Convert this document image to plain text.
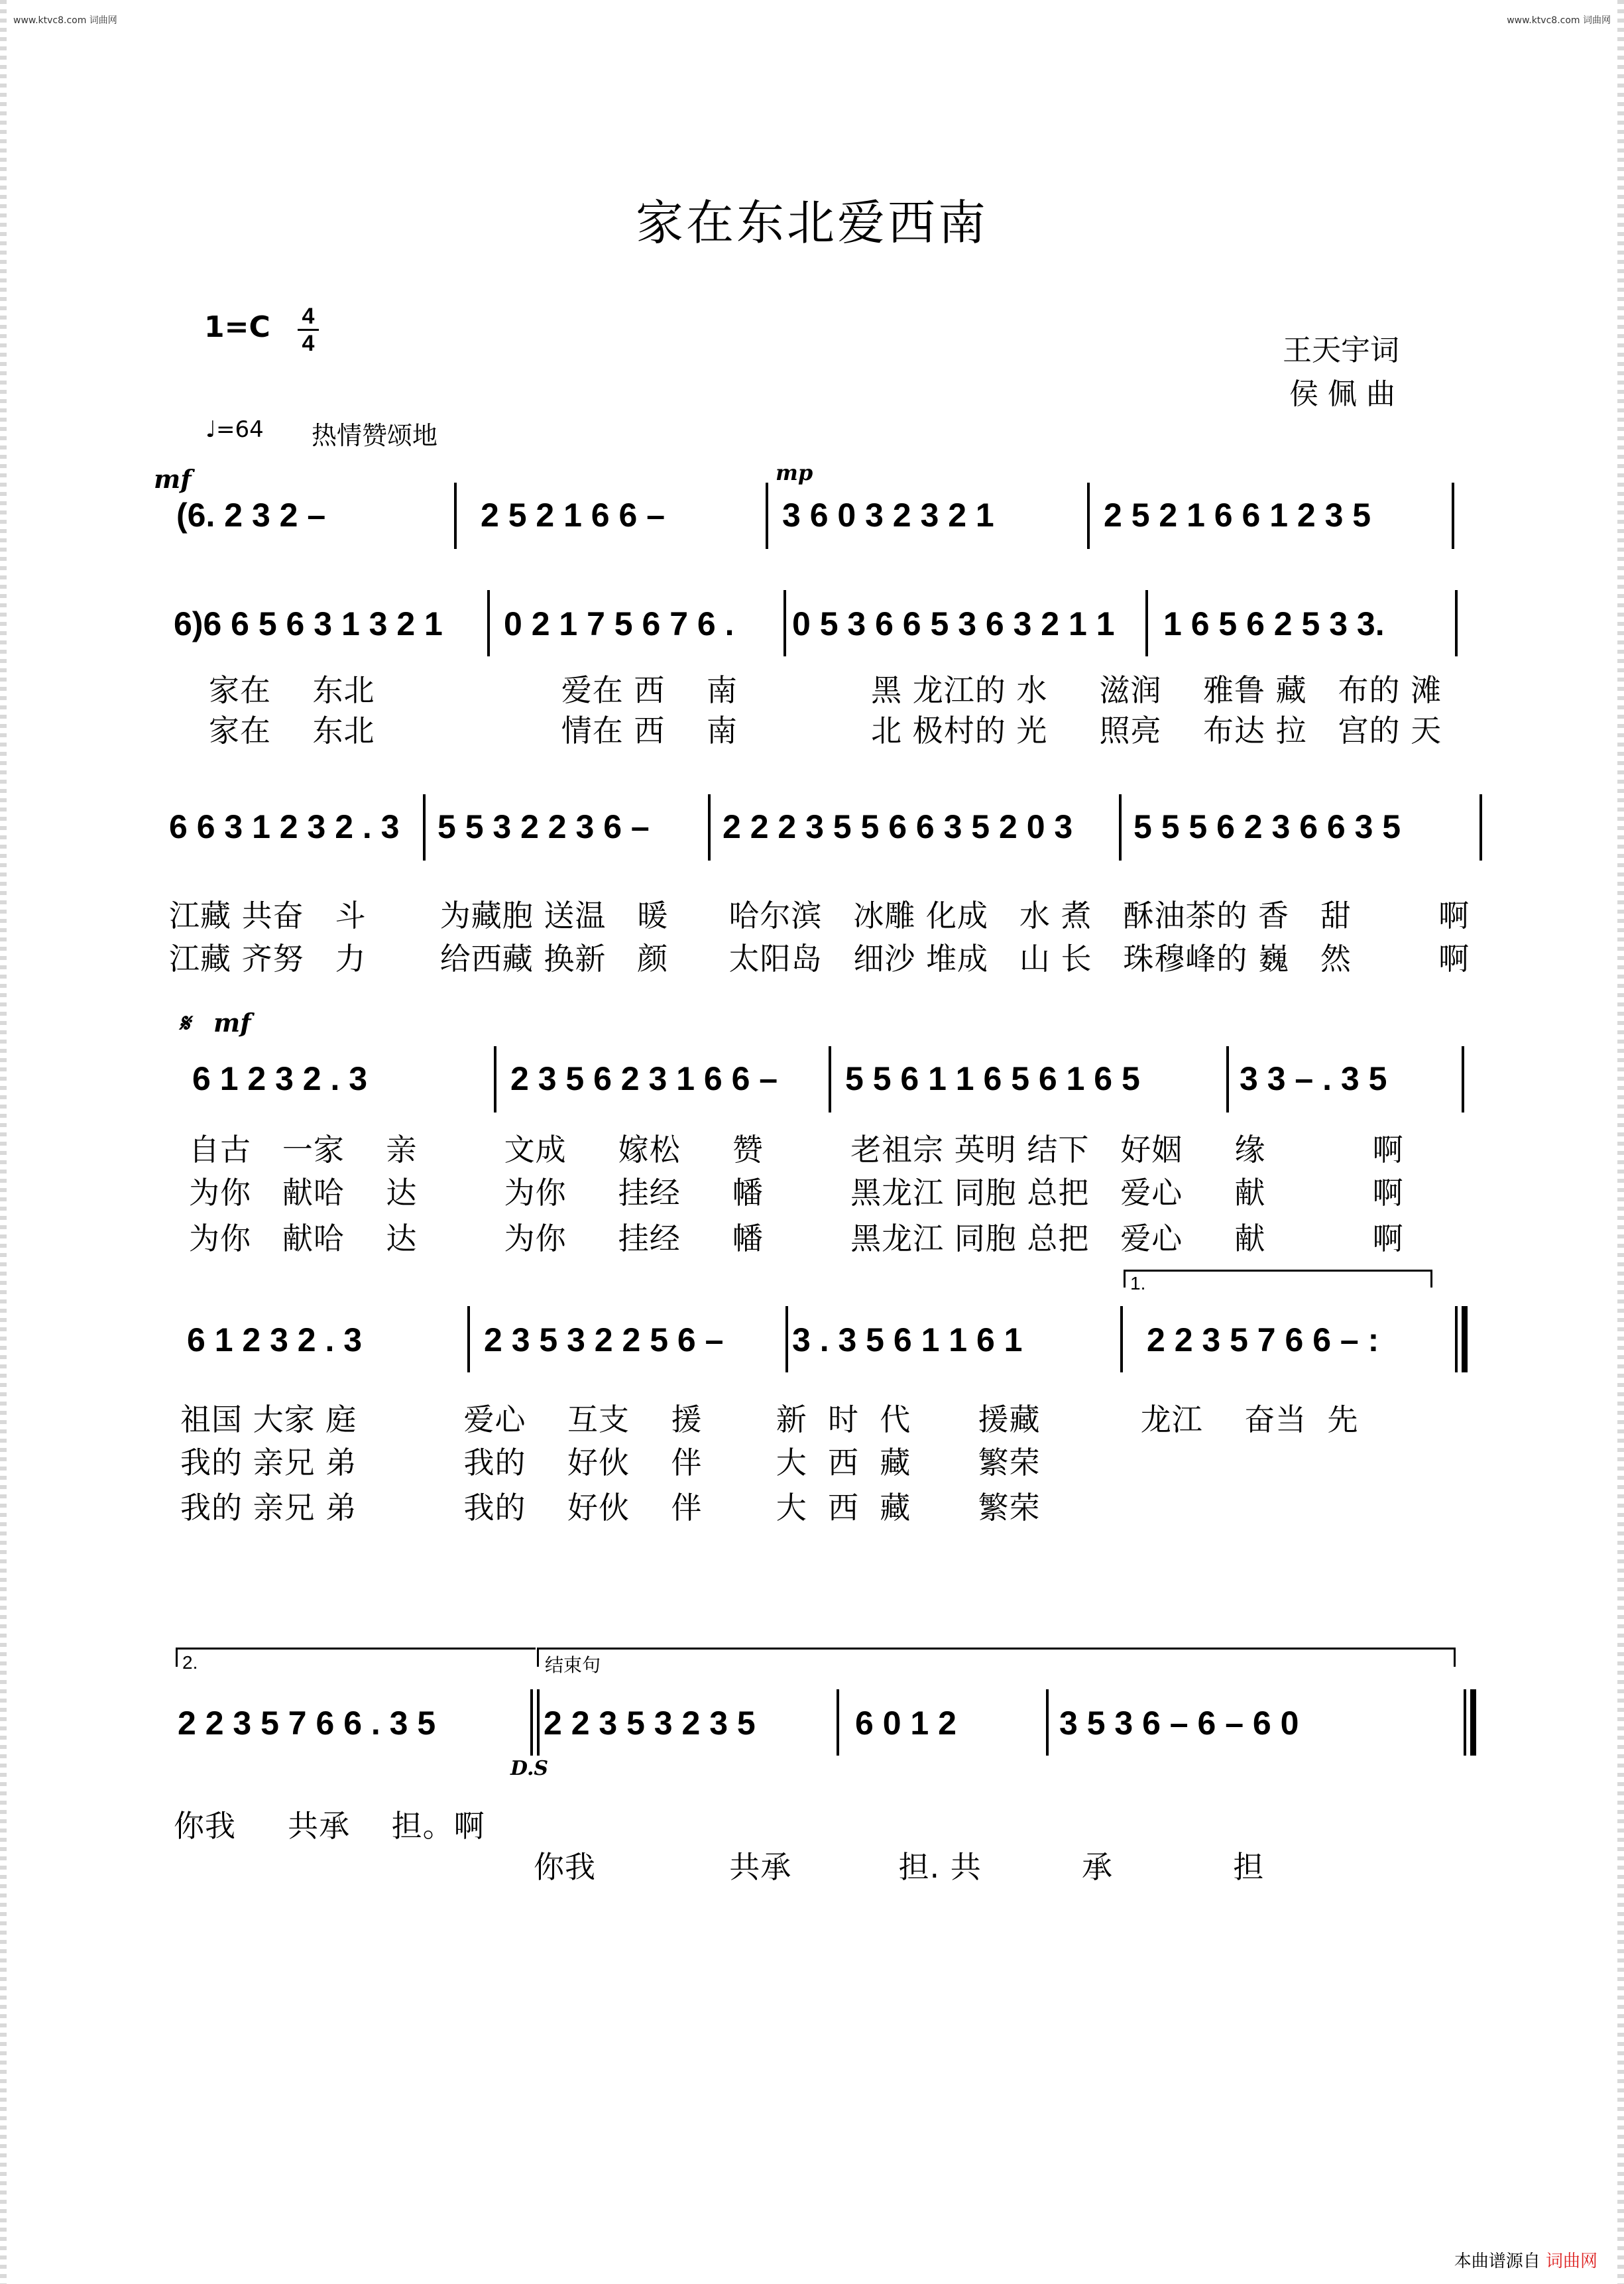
www.ktvc8.com 词曲网	www.ktvc8.com 词曲网
家在东北爱西南
1=C	4
4	王天宇词
侯 佩 曲
♩=64 热情赞颂地
mf	mp
𝄋 mf
D.S
(6. 2 3 2 –	2 5 2 1 6 6 –	3 6 0 3 2 3 2 1	2 5 2 1 6 6 1 2 3 5
6)6 6 5 6 3 1 3 2 1 0 2 1 7 5 6 7 6 . 0 5 3 6 6 5 3 6 3 2 1 1 1 6 5 6 2 5 3 3.
家在 东北	爱在 西 南	黑 龙江的 水 滋润 雅鲁 藏 布的 滩
家在 东北	情在 西 南	北 极村的 光 照亮 布达 拉 宫的 天
6 6 3 1 2 3 2 . 3 5 5 3 2 2 3 6 – 2 2 2 3 5 5 6 6 3 5 2 0 3 5 5 5 6 2 3 6 6 3 5
江藏 共奋 斗 为藏胞 送温 暖 哈尔滨 冰雕 化成 水 煮 酥油茶的 香 甜	啊
江藏 齐努 力 给西藏 换新 颜 太阳岛 细沙 堆成 山 长 珠穆峰的 巍 然	啊
6 1 2 3 2 . 3	2 3 5 6 2 3 1 6 6 – 5 5 6 1 1 6 5 6 1 6 5	3 3 – . 3 5
自古 一家 亲	文成 嫁松 赞	老祖宗 英明 结下 好姻 缘	啊
为你 献哈 达	为你 挂经 幡	黑龙江 同胞 总把 爱心 献	啊
为你 献哈 达	为你 挂经 幡	黑龙江 同胞 总把 爱心 献	啊
1.
6 1 2 3 2 . 3	2 3 5 3 2 2 5 6 – 3 . 3 5 6 1 1 6 1	2 2 3 5 7 6 6 – :
祖国 大家 庭	爱心 互支 援 新 时 代 援藏	龙江 奋当 先
我的 亲兄 弟	我的 好伙 伴 大 西 藏 繁荣
我的 亲兄 弟	我的 好伙 伴 大 西 藏 繁荣
2.	结束句
2 2 3 5 7 6 6 . 3 5	2 2 3 5 3 2 3 5	6 0 1 2	3 5 3 6 – 6 – 6 0
你我 共承 担。啊
你我	共承	担. 共	承	担
本曲谱源自 词曲网
